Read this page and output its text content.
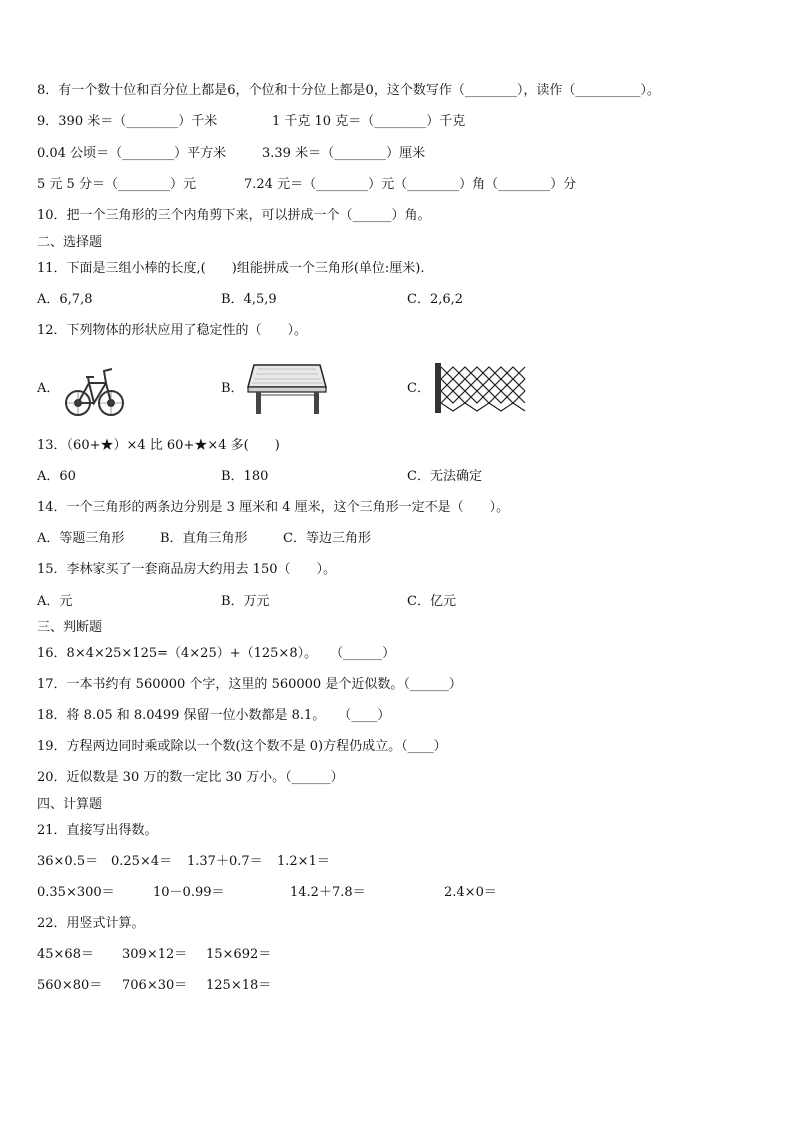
8．有一个数十位和百分位上都是6，个位和十分位上都是0，这个数写作（________），读作（__________）。
9．390 米＝（________）千米	1 千克 10 克＝（________）千克
0.04 公顷＝（________）平方米	3.39 米＝（________）厘米
5 元 5 分＝（________）元	7.24 元＝（________）元（________）角（________）分
10．把一个三角形的三个内角剪下来，可以拼成一个（______）角。
二、选择题
11．下面是三组小棒的长度,(　　)组能拼成一个三角形(单位:厘米).
A．6,7,8	B．4,5,9	C．2,6,2
12．下列物体的形状应用了稳定性的（　　）。
A．	B．	C．
13．（60+★）×4 比 60+★×4 多(　　)
A．60	B．180	C．无法确定
14．一个三角形的两条边分别是 3 厘米和 4 厘米，这个三角形一定不是（　　）。
A．等题三角形	B．直角三角形	C．等边三角形
15．李林家买了一套商品房大约用去 150（　　）。
A．元	B．万元	C．亿元
三、判断题
16．8×4×25×125=（4×25）+（125×8）。　　（______）
17．一本书约有 560000 个字，这里的 560000 是个近似数。（______）
18．将 8.05 和 8.0499 保留一位小数都是 8.1。　　（____）
19．方程两边同时乘或除以一个数(这个数不是 0)方程仍成立。（____）
20．近似数是 30 万的数一定比 30 万小。（______）
四、计算题
21．直接写出得数。
36×0.5＝ 0.25×4＝ 1.37＋0.7＝ 1.2×1＝
0.35×300＝	10－0.99＝	14.2＋7.8＝	2.4×0＝
22．用竖式计算。
45×68＝ 309×12＝ 15×692＝
560×80＝ 706×30＝ 125×18＝
